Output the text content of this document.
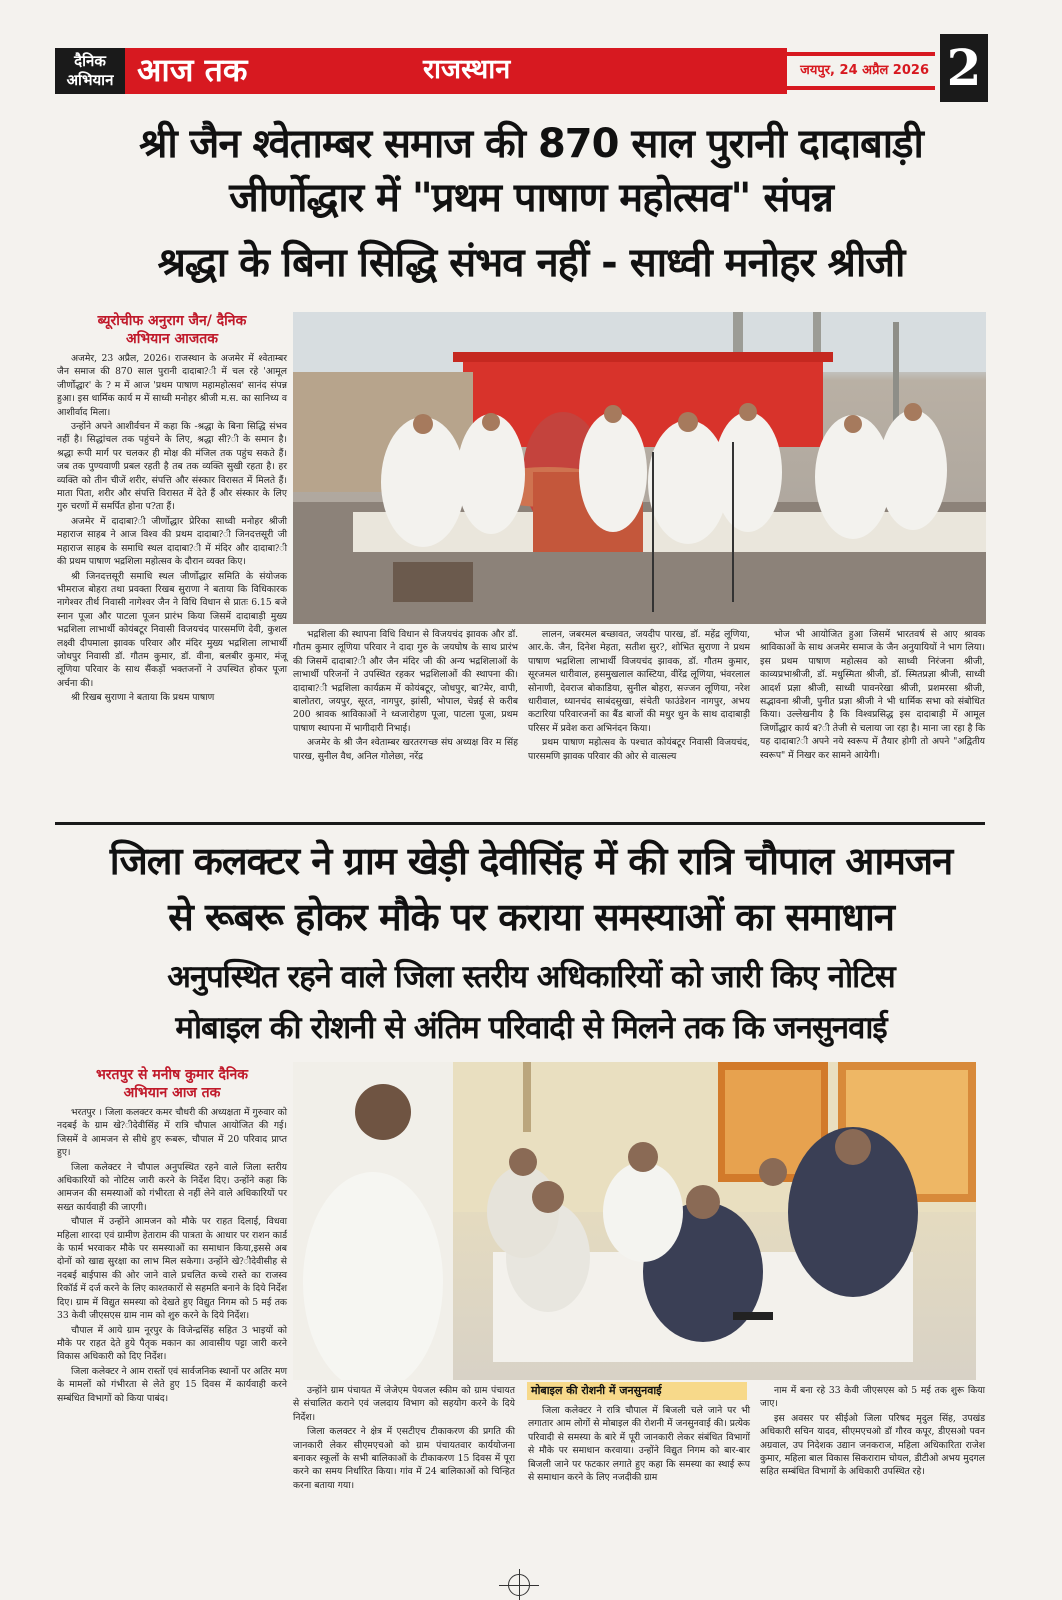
दैनिक
अभियान आज तक	राजस्थान	जयपुर, 24 अप्रैल 2026 2
श्री जैन श्वेताम्बर समाज की 870 साल पुरानी दादाबाड़ी
जीर्णोद्धार में "प्रथम पाषाण महोत्सव" संपन्न
श्रद्धा के बिना सिद्धि संभव नहीं - साध्वी मनोहर श्रीजी
ब्यूरोचीफ अनुराग जैन/ दैनिक
अभियान आजतक

अजमेर, 23 अप्रैल, 2026। राजस्थान के अजमेर में श्वेताम्बर जैन समाज की 870 साल पुरानी दादाबा?ी में चल रहे 'आमूल जीर्णोद्धार' के ? म में आज 'प्रथम पाषाण महामहोत्सव' सानंद संपन्न हुआ। इस धार्मिक कार्य म में साध्वी मनोहर श्रीजी म.स. का सानिध्य व आशीर्वाद मिला।

उन्होंने अपने आशीर्वचन में कहा कि -श्रद्धा के बिना सिद्धि संभव नहीं है। सिद्धांचल तक पहुंचने के लिए, श्रद्धा सी?ी के समान है। श्रद्धा रूपी मार्ग पर चलकर ही मोक्ष की मंजिल तक पहुंच सकते हैं। जब तक पुण्यवाणी प्रबल रहती है तब तक व्यक्ति सुखी रहता है। हर व्यक्ति को तीन चीजें शरीर, संपत्ति और संस्कार विरासत में मिलते हैं। माता पिता, शरीर और संपत्ति विरासत में देते हैं और संस्कार के लिए गुरु चरणों में समर्पित होना प?ता हैं।

अजमेर में दादाबा?ी जीर्णोद्धार प्रेरिका साध्वी मनोहर श्रीजी महाराज साहब ने आज विश्व की प्रथम दादाबा?ी जिनदत्तसूरी जी महाराज साहब के समाधि स्थल दादाबा?ी में मंदिर और दादाबा?ी की प्रथम पाषाण भद्रशिला महोत्सव के दौरान व्यक्त किए।

श्री जिनदत्तसूरी समाधि स्थल जीर्णोद्धार समिति के संयोजक भीमराज बोहरा तथा प्रवक्ता रिखब सुराणा ने बताया कि विधिकारक नागेश्वर तीर्थ निवासी नागेश्वर जैन ने विधि विधान से प्रातः 6.15 बजे स्नान पूजा और पाटला पूजन प्रारंभ किया जिसमें दादाबाड़ी मुख्य भद्रशिला लाभार्थी कोयंबटूर निवासी विजयचंद पारसमणि देवी, कुशल लक्ष्वी दीपमाला झावक परिवार और मंदिर मुख्य भद्रशिला लाभार्थी जोधपुर निवासी डॉ. गौतम कुमार, डॉ. वीना, बलबीर कुमार, मंजू लूणिया परिवार के साथ सैंकड़ों भक्तजनों ने उपस्थित होकर पूजा अर्चना की।

श्री रिखब सुराणा ने बताया कि प्रथम पाषाण

भद्रशिला की स्थापना विधि विधान से विजयचंद झावक और डॉ. गौतम कुमार लूणिया परिवार ने दादा गुरु के जयघोष के साथ प्रारंभ की जिसमें दादाबा?ी और जैन मंदिर जी की अन्य भद्रशिलाओं के लाभार्थी परिजनों ने उपस्थित रहकर भद्रशिलाओं की स्थापना की। दादाबा?ी भद्रशिला कार्यक्रम में कोयंबटूर, जोधपुर, बा?मेर, वापी, बालोतरा, जयपुर, सूरत, नागपुर, झांसी, भोपाल, चेन्नई से करीब 200 श्रावक श्राविकाओं ने ध्वजारोहण पूजा, पाटला पूजा, प्रथम पाषाण स्थापना में भागीदारी निभाई।

अजमेर के श्री जैन श्वेताम्बर खरतरगच्छ संघ अध्यक्ष विर म सिंह पारख, सुनील वैध, अनिल गोलेछा, नरेंद्र

लालन, जबरमल बच्छावत, जयदीप पारख, डॉ. महेंद्र लूणिया, आर.के. जैन, दिनेश मेहता, सतीश सुर?, शोभित सुराणा ने प्रथम पाषाण भद्रशिला लाभार्थी विजयचंद झावक, डॉ. गौतम कुमार, सूरजमल धारीवाल, हसमुखलाल कास्टिया, वीरेंद्र लूणिया, भंवरलाल सोनाणी, देवराज बोकाडिया, सुनील बोहरा, सज्जन लूणिया, नरेश धारीवाल, ध्यानचंद साबंदसुखा, संचेती फाउंडेशन नागपुर, अभय कटारिया परिवारजनों का बैंड बाजों की मधुर धुन के साथ दादाबाड़ी परिसर में प्रवेश करा अभिनंदन किया।

प्रथम पाषाण महोत्सव के पश्चात कोयंबटूर निवासी विजयचंद, पारसमणि झावक परिवार की ओर से वात्सल्य

भोज भी आयोजित हुआ जिसमें भारतवर्ष से आए श्रावक श्राविकाओं के साथ अजमेर समाज के जैन अनुयायियों ने भाग लिया। इस प्रथम पाषाण महोत्सव को साध्वी निरंजना श्रीजी, काव्यप्रभाश्रीजी, डॉ. मधुस्मिता श्रीजी, डॉ. स्मितप्रज्ञा श्रीजी, साध्वी आदर्श प्रज्ञा श्रीजी, साध्वी पावनरेखा श्रीजी, प्रशमरसा श्रीजी, सद्भावना श्रीजी, पुनीत प्रज्ञा श्रीजी ने भी धार्मिक सभा को संबोधित किया। उल्लेखनीय है कि विश्वप्रसिद्ध इस दादाबाड़ी में आमूल जिर्णोद्धार कार्य ब?ी तेजी से चलाया जा रहा है। माना जा रहा है कि यह दादाबा?ी अपने नये स्वरूप में तैयार होगी तो अपने "अद्वितीय स्वरूप" में निखर कर सामने आयेगी।

जिला कलक्टर ने ग्राम खेड़ी देवीसिंह में की रात्रि चौपाल आमजन
से रूबरू होकर मौके पर कराया समस्याओं का समाधान
अनुपस्थित रहने वाले जिला स्तरीय अधिकारियों को जारी किए नोटिस
मोबाइल की रोशनी से अंतिम परिवादी से मिलने तक कि जनसुनवाई
भरतपुर से मनीष कुमार दैनिक
अभियान आज तक

भरतपुर । जिला कलक्टर कमर चौधरी की अध्यक्षता में गुरुवार को नदबई के ग्राम खे?ीदेवीसिंह में रात्रि चौपाल आयोजित की गई। जिसमें वे आमजन से सीधे हुए रूबरू, चौपाल में 20 परिवाद प्राप्त हुए।

जिला कलेक्टर ने चौपाल अनुपस्थित रहने वाले जिला स्तरीय अधिकारियों को नोटिस जारी करने के निर्देश दिए। उन्होंने कहा कि आमजन की समस्याओं को गंभीरता से नहीं लेने वाले अधिकारियों पर सख्त कार्यवाही की जाएगी।

चौपाल में उन्होंने आमजन को मौके पर राहत दिलाई, विधवा महिला शारदा एवं ग्रामीण हेताराम की पात्रता के आधार पर राशन कार्ड के फार्म भरवाकर मौके पर समस्याओं का समाधान किया,इससे अब दोनों को खाद्य सुरक्षा का लाभ मिल सकेगा। उन्होंने खे?ीदेवीसीह से नदबई बाईपास की ओर जाने वाले प्रचलित कच्चे रास्ते का राजस्व रिकॉर्ड में दर्ज करने के लिए काश्तकारों से सहमति बनाने के दिये निर्देश दिए। ग्राम में विद्युत समस्या को देखते हुए विद्युत निगम को 5 मई तक 33 केवी जीएसएस ग्राम नाम को शुरु करने के दिये निर्देश।

चौपाल में आये ग्राम नूरपुर के विजेन्द्रसिंह सहित 3 भाइयों को मौके पर राहत देते हुये पैतृक मकान का आवासीय पट्टा जारी करने विकास अधिकारी को दिए निर्देश।

जिला कलेक्टर ने आम रास्तों एवं सार्वजनिक स्थानों पर अतिर मण के मामलों को गंभीरता से लेते हुए 15 दिवस में कार्यवाही करने सम्बंधित विभागों को किया पाबंद।

उन्होंने ग्राम पंचायत में जेजेएम पेयजल स्कीम को ग्राम पंचायत से संचालित कराने एवं जलदाय विभाग को सहयोग करने के दिये निर्देश।

जिला कलक्टर ने क्षेत्र में एसटीएच टीकाकरण की प्रगति की जानकारी लेकर सीएमएचओ को ग्राम पंचायतवार कार्ययोजना बनाकर स्कूलों के सभी बालिकाओं के टीकाकरण 15 दिवस में पूरा करने का समय निर्धारित किया। गांव में 24 बालिकाओं को चिन्हित करना बताया गया।

मोबाइल की रोशनी में जनसुनवाई

जिला कलेक्टर ने रात्रि चौपाल में बिजली चले जाने पर भी लगातार आम लोगों से मोबाइल की रोशनी में जनसुनवाई की। प्रत्येक परिवादी से समस्या के बारे में पूरी जानकारी लेकर संबंधित विभागों से मौके पर समाधान करवाया। उन्होंने विद्युत निगम को बार-बार बिजली जाने पर फटकार लगाते हुए कहा कि समस्या का स्थाई रूप से समाधान करने के लिए नजदीकी ग्राम

नाम में बना रहे 33 केवी जीएसएस को 5 मई तक शुरू किया जाए।

इस अवसर पर सीईओ जिला परिषद मृदुल सिंह, उपखंड अधिकारी सचिन यादव, सीएमएचओ डॉ गौरव कपूर, डीएसओ पवन अग्रवाल, उप निदेशक उद्यान जनकराज, महिला अधिकारिता राजेश कुमार, महिला बाल विकास सिकराराम चोयल, डीटीओ अभय मुदगल सहित सम्बंधित विभागों के अधिकारी उपस्थित रहे।
